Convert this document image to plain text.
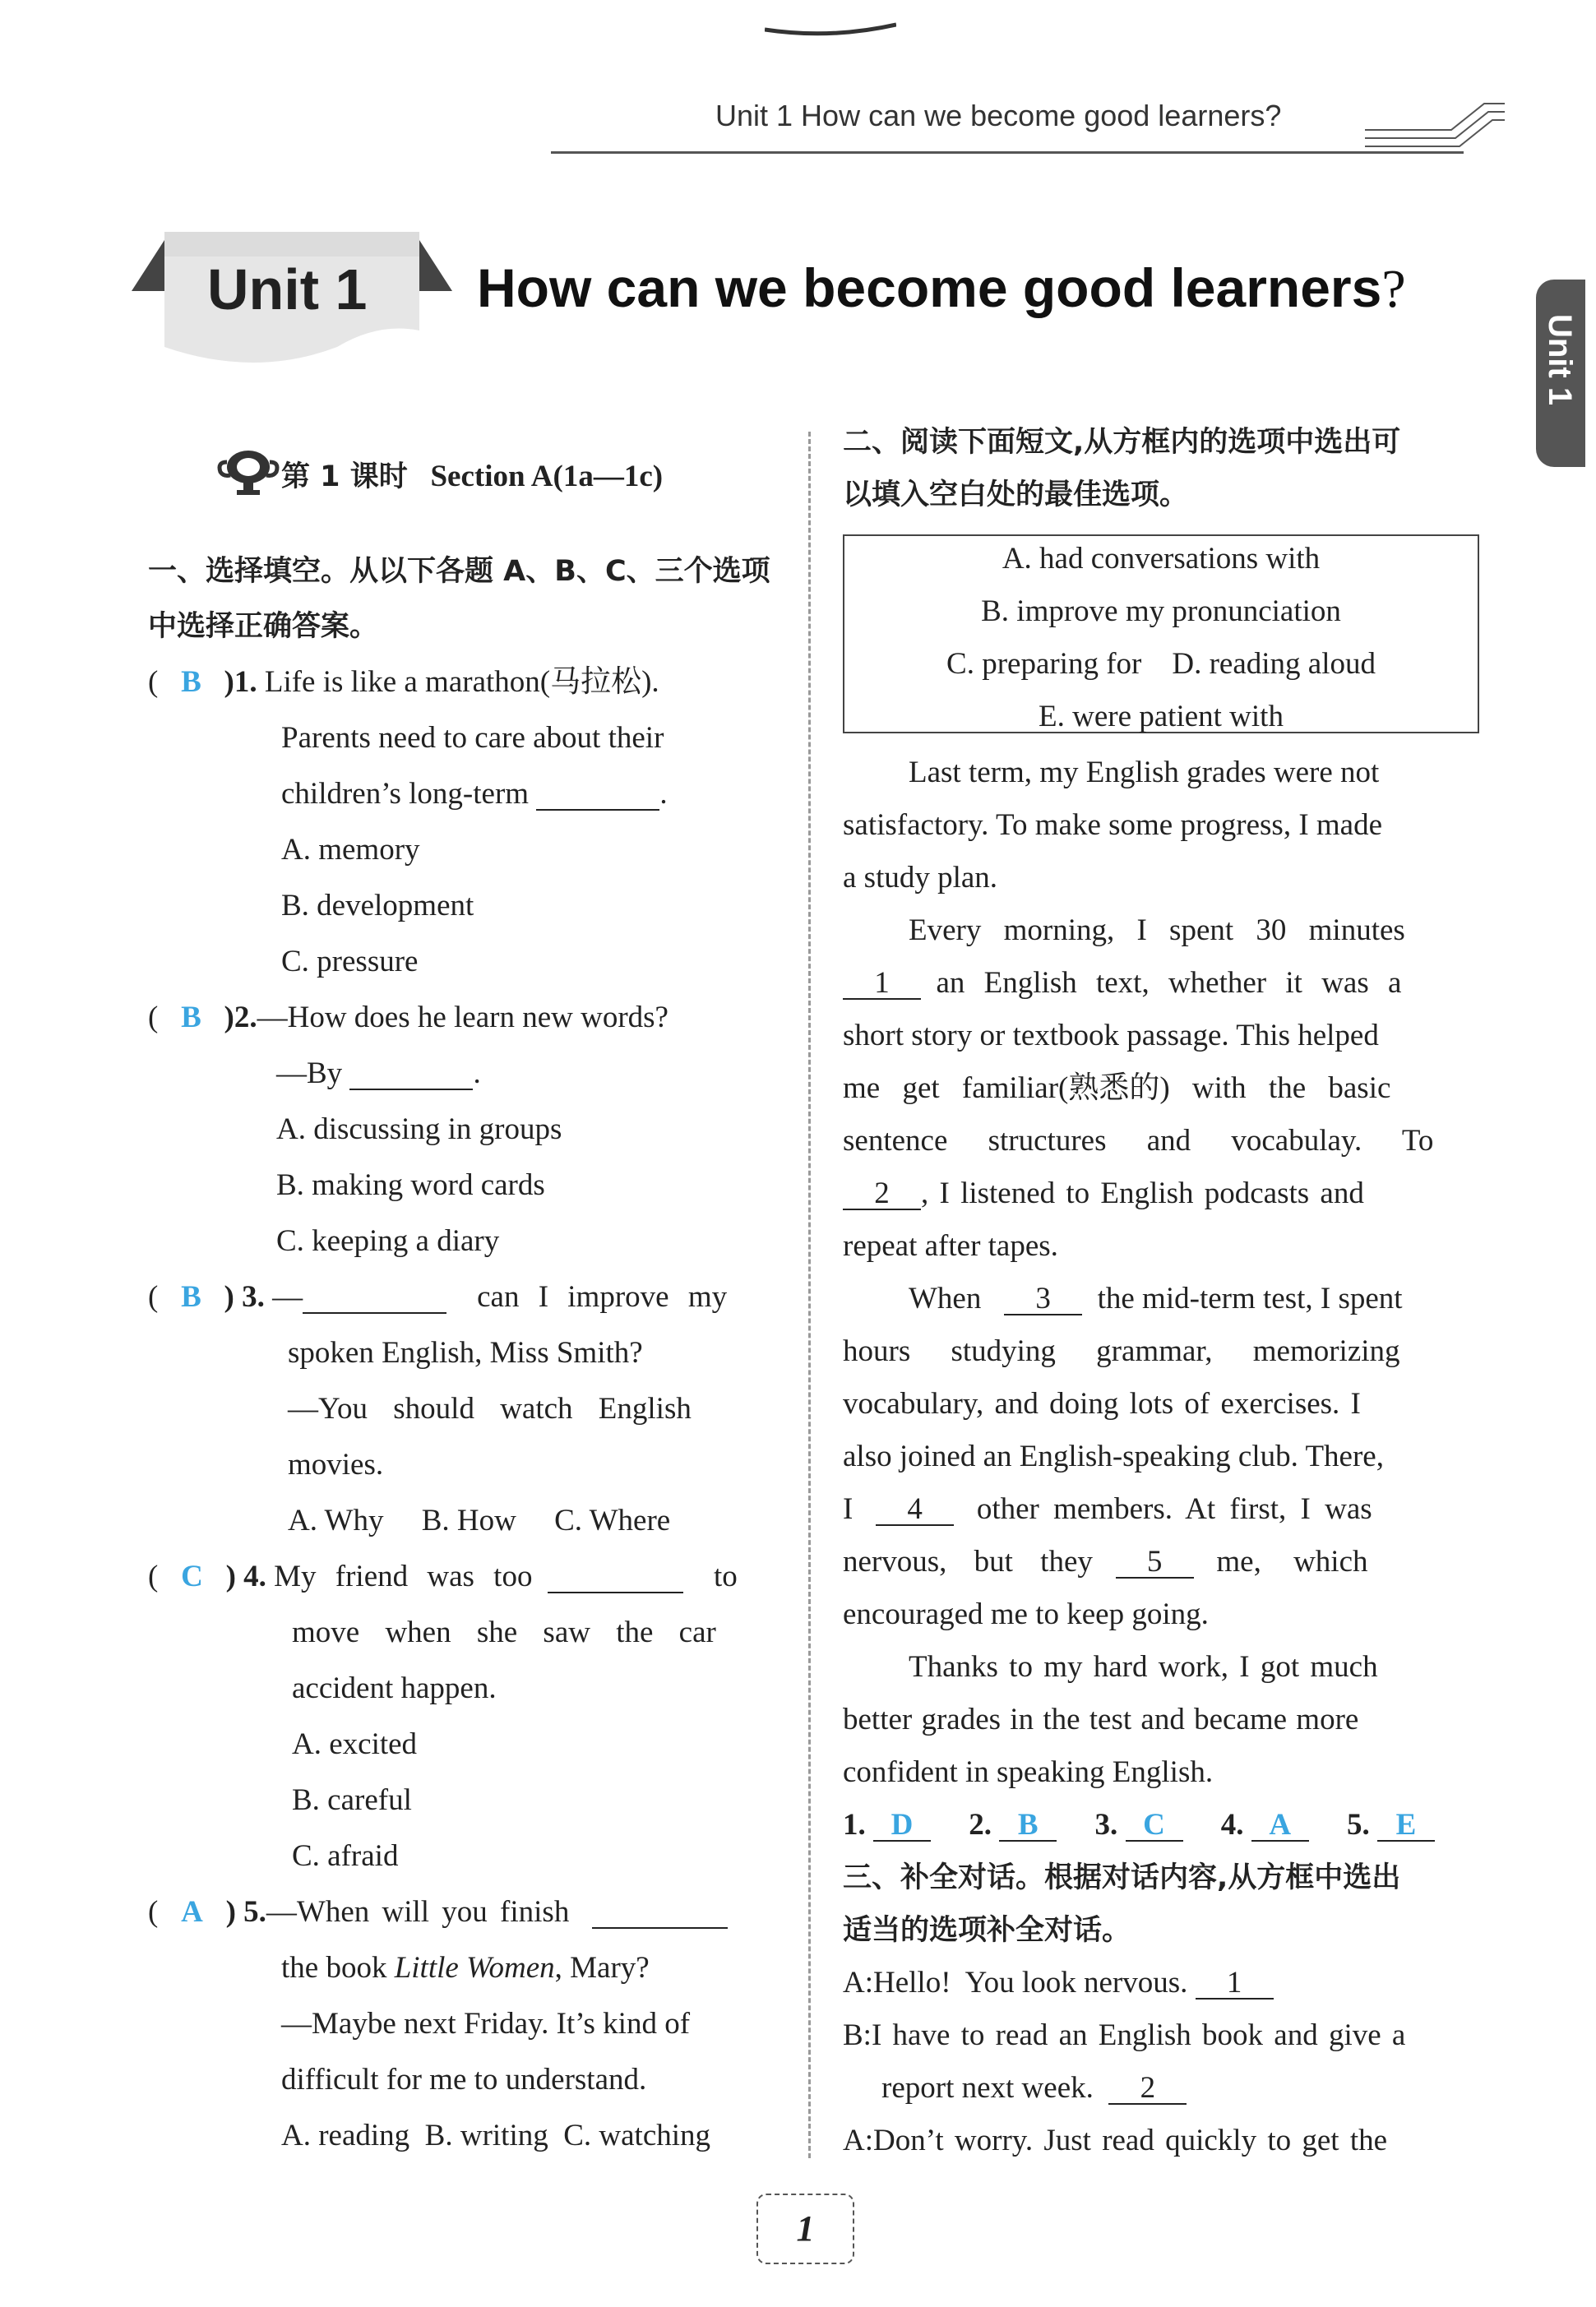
Unit 1 How can we become good learners?
Unit 1
Unit 1 How can we become good learners?
第 1 课时 Section A(1a—1c)
一、选择填空。从以下各题 A、B、C、三个选项
中选择正确答案。
(   B )1. Life is like a marathon(马拉松).
Parents need to care about their
children’s long-term	.
A. memory
B. development
C. pressure
(   B )2.—How does he learn new words?
—By	.
A. discussing in groups
B. making word cards
C. keeping a diary
(   B ) 3. —	can I improve my
spoken English, Miss Smith?
—You should watch English
movies.
A. Why     B. How     C. Where
(   C ) 4. My friend was too	to
move when she saw the car
accident happen.
A. excited
B. careful
C. afraid
(   A ) 5.—When will you finish
the book Little Women, Mary?
—Maybe next Friday. It’s kind of
difficult for me to understand.
A. reading  B. writing  C. watching
二、阅读下面短文,从方框内的选项中选出可
以填入空白处的最佳选项。
A. had conversations with
B. improve my pronunciation
C. preparing for    D. reading aloud
E. were patient with
Last term, my English grades were not
satisfactory. To make some progress, I made
a study plan.
Every morning, I spent 30 minutes
1 an English text, whether it was a
short story or textbook passage. This helped
me get familiar(熟悉的) with the basic
sentence structures and vocabulay. To
2 , I listened to English podcasts and
repeat after tapes.
When 3 the mid-term test, I spent
hours studying grammar, memorizing
vocabulary, and doing lots of exercises. I
also joined an English-speaking club. There,
I 4 other members. At first, I was
nervous, but they 5 me, which
encouraged me to keep going.
Thanks to my hard work, I got much
better grades in the test and became more
confident in speaking English.
1. D 2. B 3. C 4. A 5. E
三、补全对话。根据对话内容,从方框中选出
适当的选项补全对话。
A:Hello!  You look nervous. 1
B:I have to read an English book and give a
report next week. 2
A:Don’t worry. Just read quickly to get the
1
